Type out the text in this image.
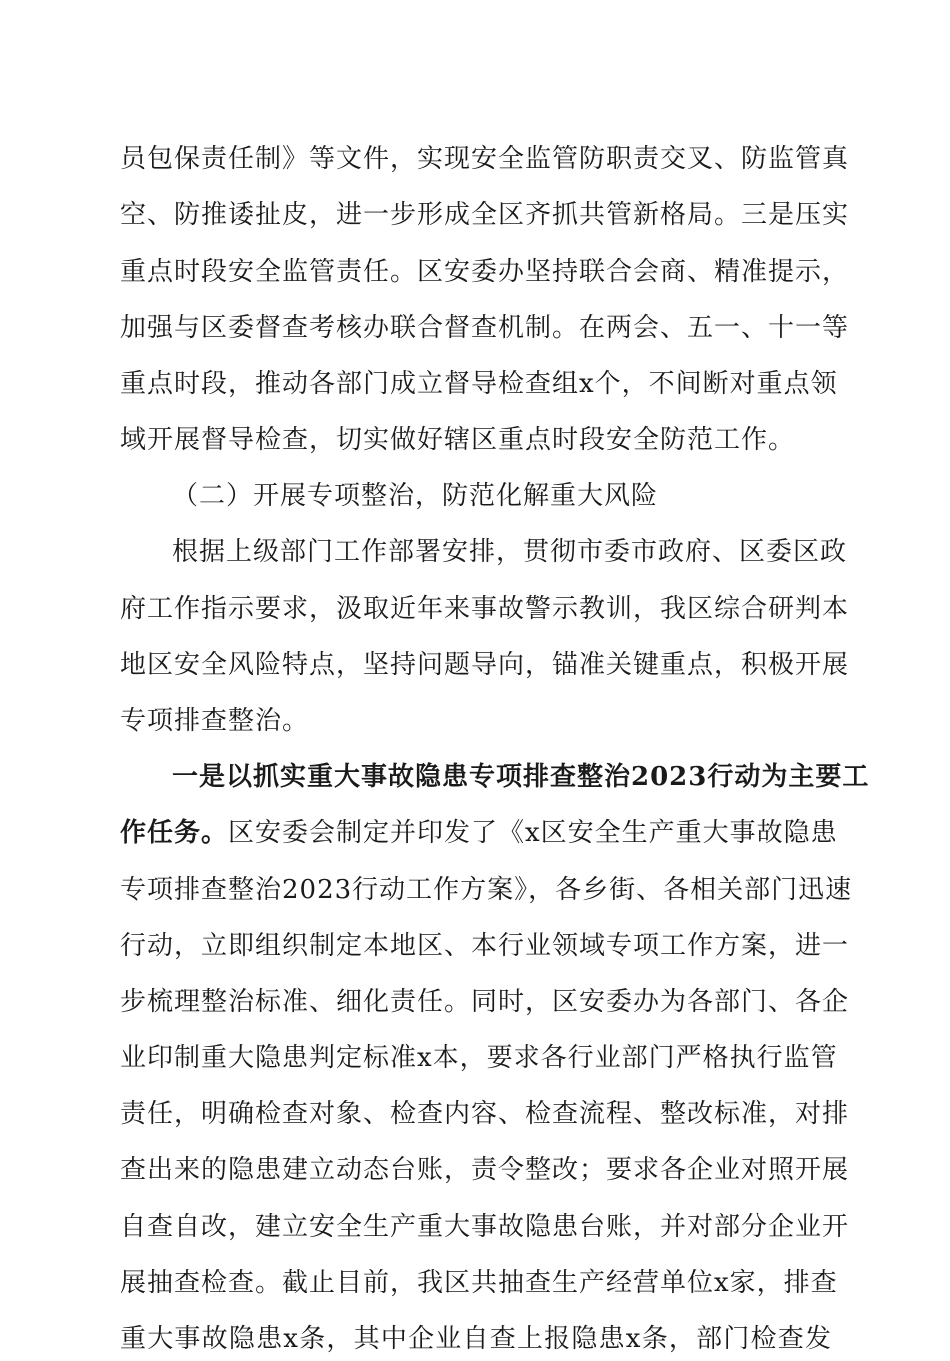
员包保责任制》等文件，实现安全监管防职责交叉、防监管真
空、防推诿扯皮，进一步形成全区齐抓共管新格局。三是压实
重点时段安全监管责任。区安委办坚持联合会商、精准提示，
加强与区委督查考核办联合督查机制。在两会、五一、十一等
重点时段，推动各部门成立督导检查组x个，不间断对重点领
域开展督导检查，切实做好辖区重点时段安全防范工作。
（二）开展专项整治，防范化解重大风险
根据上级部门工作部署安排，贯彻市委市政府、区委区政
府工作指示要求，汲取近年来事故警示教训，我区综合研判本
地区安全风险特点，坚持问题导向，锚准关键重点，积极开展
专项排查整治。
一是以抓实重大事故隐患专项排查整治2023行动为主要工
作任务。区安委会制定并印发了《x区安全生产重大事故隐患
专项排查整治2023行动工作方案》，各乡街、各相关部门迅速
行动，立即组织制定本地区、本行业领域专项工作方案，进一
步梳理整治标准、细化责任。同时，区安委办为各部门、各企
业印制重大隐患判定标准x本，要求各行业部门严格执行监管
责任，明确检查对象、检查内容、检查流程、整改标准，对排
查出来的隐患建立动态台账，责令整改；要求各企业对照开展
自查自改，建立安全生产重大事故隐患台账，并对部分企业开
展抽查检查。截止目前，我区共抽查生产经营单位x家，排查
重大事故隐患x条，其中企业自查上报隐患x条，部门检查发
